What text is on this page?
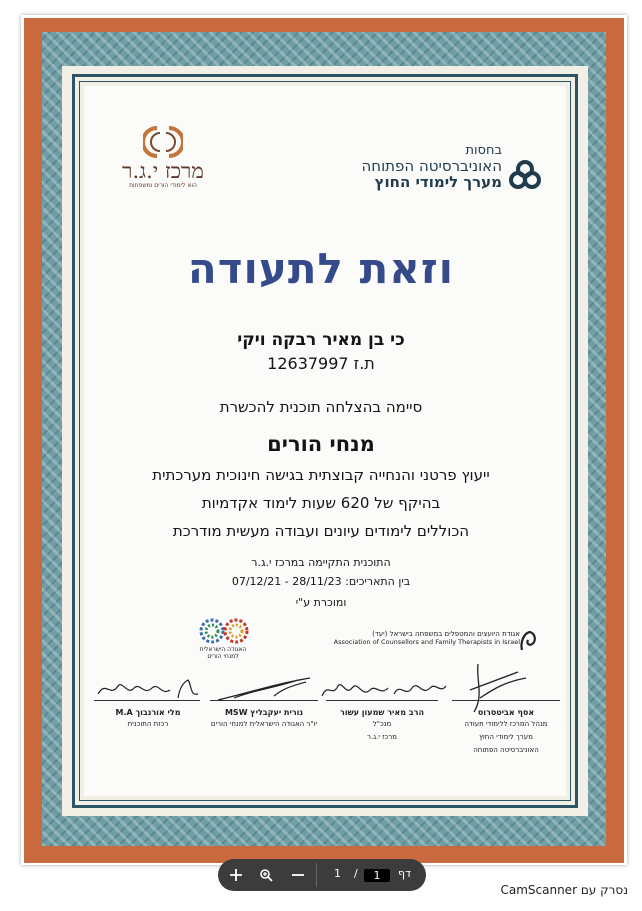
בחסות
האוניברסיטה הפתוחה
מערך לימודי החוץ
מרכז י.ג.ר
הוא לימודי הורים ומשפחות
וזאת לתעודה
כי בן מאיר רבקה ויקי
ת.ז 12637997
סיימה בהצלחה תוכנית להכשרת
מנחי הורים
ייעוץ פרטני והנחייה קבוצתית בגישה חינוכית מערכתית
בהיקף של 620 שעות לימוד אקדמיות
הכוללים לימודים עיונים ועבודה מעשית מודרכת
התוכנית התקיימה במרכז י.ג.ר
בין התאריכים: 28/11/23 - 07/12/21
ומוכרת ע"י
האגודה הישראלית
למנחי הורים
אגודת היועצים והמטפלים במשפחה בישראל (יעד)
Association of Counsellors and Family Therapists in Israel
אסף אביטסרוס
מנהל המרכז ללימודי תעודה
מערך לימודי החוץ
האוניברסיטה הפתוחה
הרב מאיר שמעון עשור
מנכ"ל
מרכז י.ג.ר
נורית יעקבליץ MSW
יו"ר האגודה הישראלית למנחי הורים
מלי אורנבוך M.A
רכזת התוכנית
1 /	דף
1
נסרק עם CamScanner
